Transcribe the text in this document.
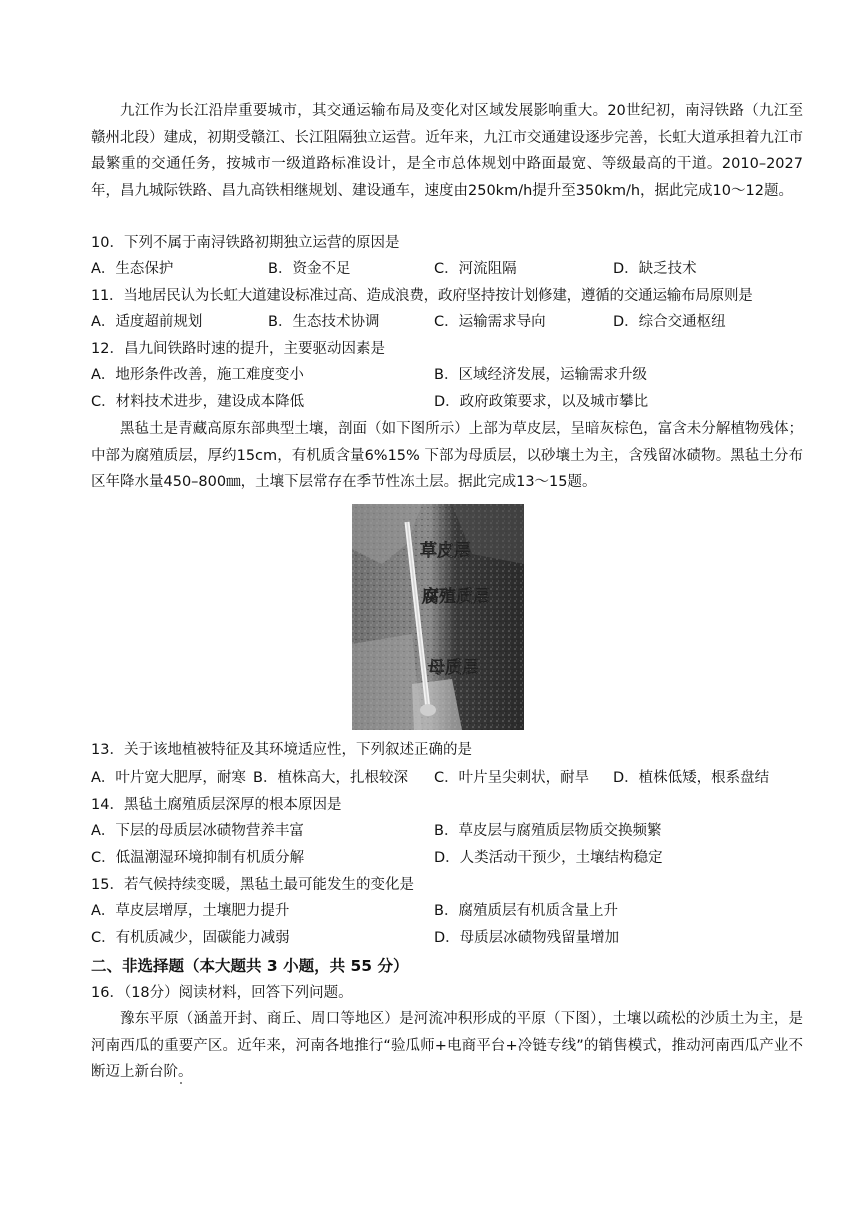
九江作为长江沿岸重要城市，其交通运输布局及变化对区域发展影响重大。20世纪初，南浔铁路（九江至赣州北段）建成，初期受赣江、长江阻隔独立运营。近年来，九江市交通建设逐步完善，长虹大道承担着九江市最繁重的交通任务，按城市一级道路标准设计，是全市总体规划中路面最宽、等级最高的干道。2010–2027年，昌九城际铁路、昌九高铁相继规划、建设通车，速度由250km/h提升至350km/h，据此完成10～12题。
10．下列不属于南浔铁路初期独立运营的原因是
A．生态保护	B．资金不足	C．河流阻隔	D．缺乏技术
11．当地居民认为长虹大道建设标准过高、造成浪费，政府坚持按计划修建，遵循的交通运输布局原则是
A．适度超前规划	B．生态技术协调	C．运输需求导向	D．综合交通枢纽
12．昌九间铁路时速的提升，主要驱动因素是
A．地形条件改善，施工难度变小	B．区域经济发展，运输需求升级
C．材料技术进步，建设成本降低	D．政府政策要求，以及城市攀比
黑毡土是青藏高原东部典型土壤，剖面（如下图所示）上部为草皮层，呈暗灰棕色，富含未分解植物残体；中部为腐殖质层，厚约15cm，有机质含量6%15% 下部为母质层，以砂壤土为主，含残留冰碛物。黑毡土分布区年降水量450–800㎜，土壤下层常存在季节性冻土层。据此完成13～15题。
草皮层
腐殖质层
母质层
13．关于该地植被特征及其环境适应性，下列叙述正确的是
A．叶片宽大肥厚，耐寒 B．植株高大，扎根较深 C．叶片呈尖刺状，耐旱 D．植株低矮，根系盘结
14．黑毡土腐殖质层深厚的根本原因是
A．下层的母质层冰碛物营养丰富	B．草皮层与腐殖质层物质交换频繁
C．低温潮湿环境抑制有机质分解	D．人类活动干预少，土壤结构稳定
15．若气候持续变暖，黑毡土最可能发生的变化是
A．草皮层增厚，土壤肥力提升	B．腐殖质层有机质含量上升
C．有机质减少，固碳能力减弱	D．母质层冰碛物残留量增加
二、非选择题（本大题共 3 小题，共 55 分）
16．（18分）阅读材料，回答下列问题。
豫东平原（涵盖开封、商丘、周口等地区）是河流冲积形成的平原（下图），土壤以疏松的沙质土为主，是河南西瓜的重要产区。近年来，河南各地推行“验瓜师+电商平台+冷链专线”的销售模式，推动河南西瓜产业不断迈上新台阶。
